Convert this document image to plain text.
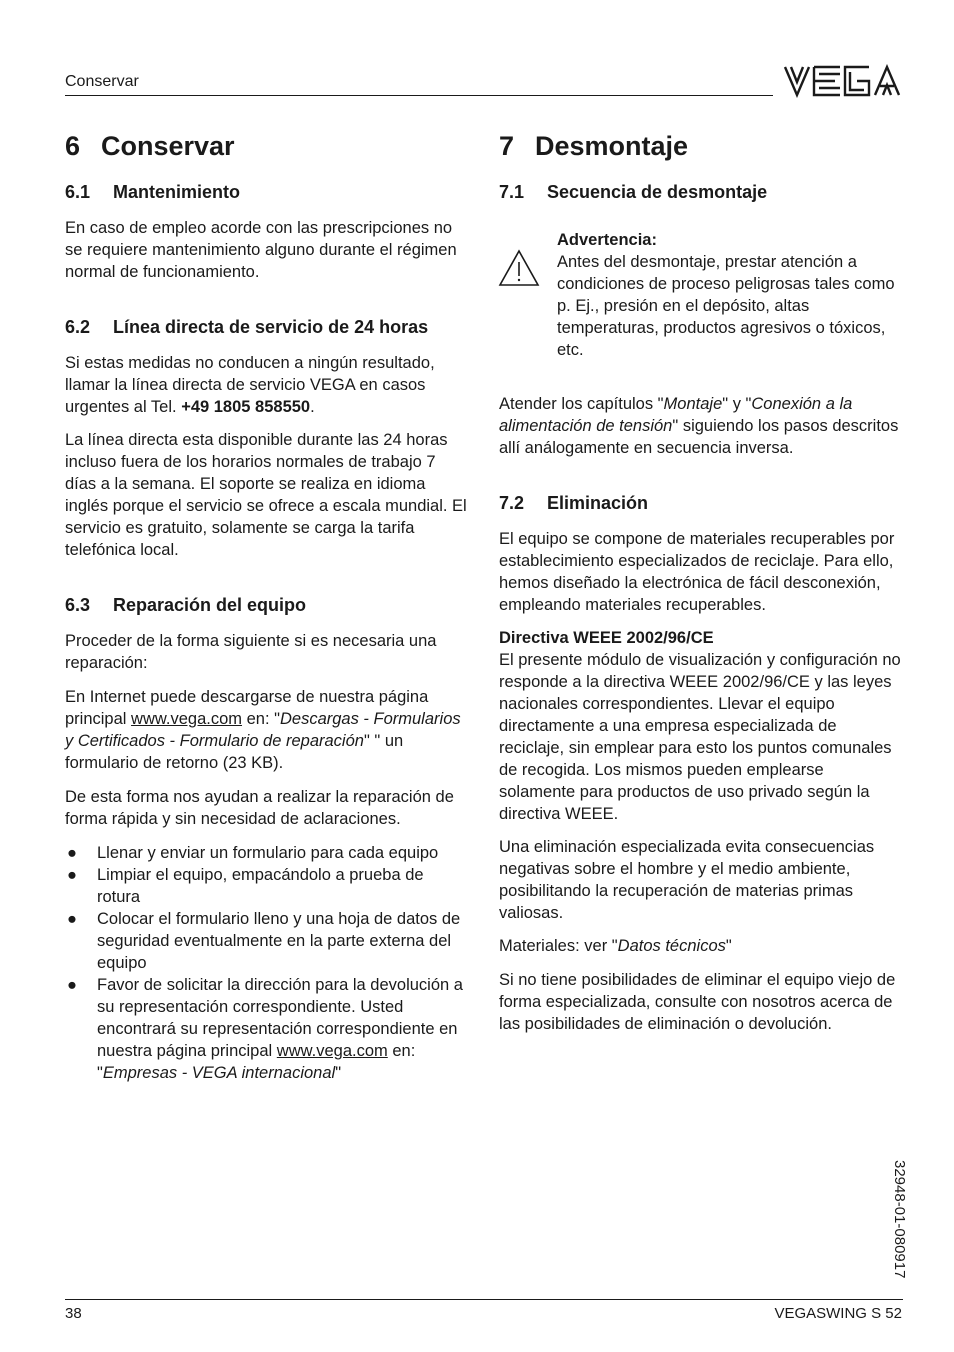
Conservar
6 Conservar
6.1 Mantenimiento

En caso de empleo acorde con las prescripciones no se requiere mantenimiento alguno durante el régimen normal de funcionamiento.

6.2 Línea directa de servicio de 24 horas

Si estas medidas no conducen a ningún resultado, llamar la línea directa de servicio VEGA en casos urgentes al Tel. +49 1805 858550.

La línea directa esta disponible durante las 24 horas incluso fuera de los horarios normales de trabajo 7 días a la semana. El soporte se realiza en idioma inglés porque el servicio se ofrece a escala mundial. El servicio es gratuito, solamente se carga la tarifa telefónica local.

6.3 Reparación del equipo

Proceder de la forma siguiente si es necesaria una reparación:

En Internet puede descargarse de nuestra página principal www.vega.com en: "Descargas - Formularios y Certificados - Formulario de reparación" " un formulario de retorno (23 KB).

De esta forma nos ayudan a realizar la reparación de forma rápida y sin necesidad de aclaraciones.

● Llenar y enviar un formulario para cada equipo
● Limpiar el equipo, empacándolo a prueba de rotura
● Colocar el formulario lleno y una hoja de datos de seguridad eventualmente en la parte externa del equipo
● Favor de solicitar la dirección para la devolución a su representación correspondiente. Usted encontrará su representación correspondiente en nuestra página principal www.vega.com en: "Empresas - VEGA internacional"
7 Desmontaje
7.1 Secuencia de desmontaje

Advertencia:

Antes del desmontaje, prestar atención a condiciones de proceso peligrosas tales como p. Ej., presión en el depósito, altas temperaturas, productos agresivos o tóxicos, etc.

Atender los capítulos "Montaje" y "Conexión a la alimentación de tensión" siguiendo los pasos descritos allí análogamente en secuencia inversa.

7.2 Eliminación

El equipo se compone de materiales recuperables por establecimiento especializados de reciclaje. Para ello, hemos diseñado la electrónica de fácil desconexión, empleando materiales recuperables.

Directiva WEEE 2002/96/CE

El presente módulo de visualización y configuración no responde a la directiva WEEE 2002/96/CE y las leyes nacionales correspondientes. Llevar el equipo directamente a una empresa especializada de reciclaje, sin emplear para esto los puntos comunales de recogida. Los mismos pueden emplearse solamente para productos de uso privado según la directiva WEEE.

Una eliminación especializada evita consecuencias negativas sobre el hombre y el medio ambiente, posibilitando la recuperación de materias primas valiosas.

Materiales: ver "Datos técnicos"

Si no tiene posibilidades de eliminar el equipo viejo de forma especializada, consulte con nosotros acerca de las posibilidades de eliminación o devolución.

32948-01-080917
38	VEGASWING S 52
